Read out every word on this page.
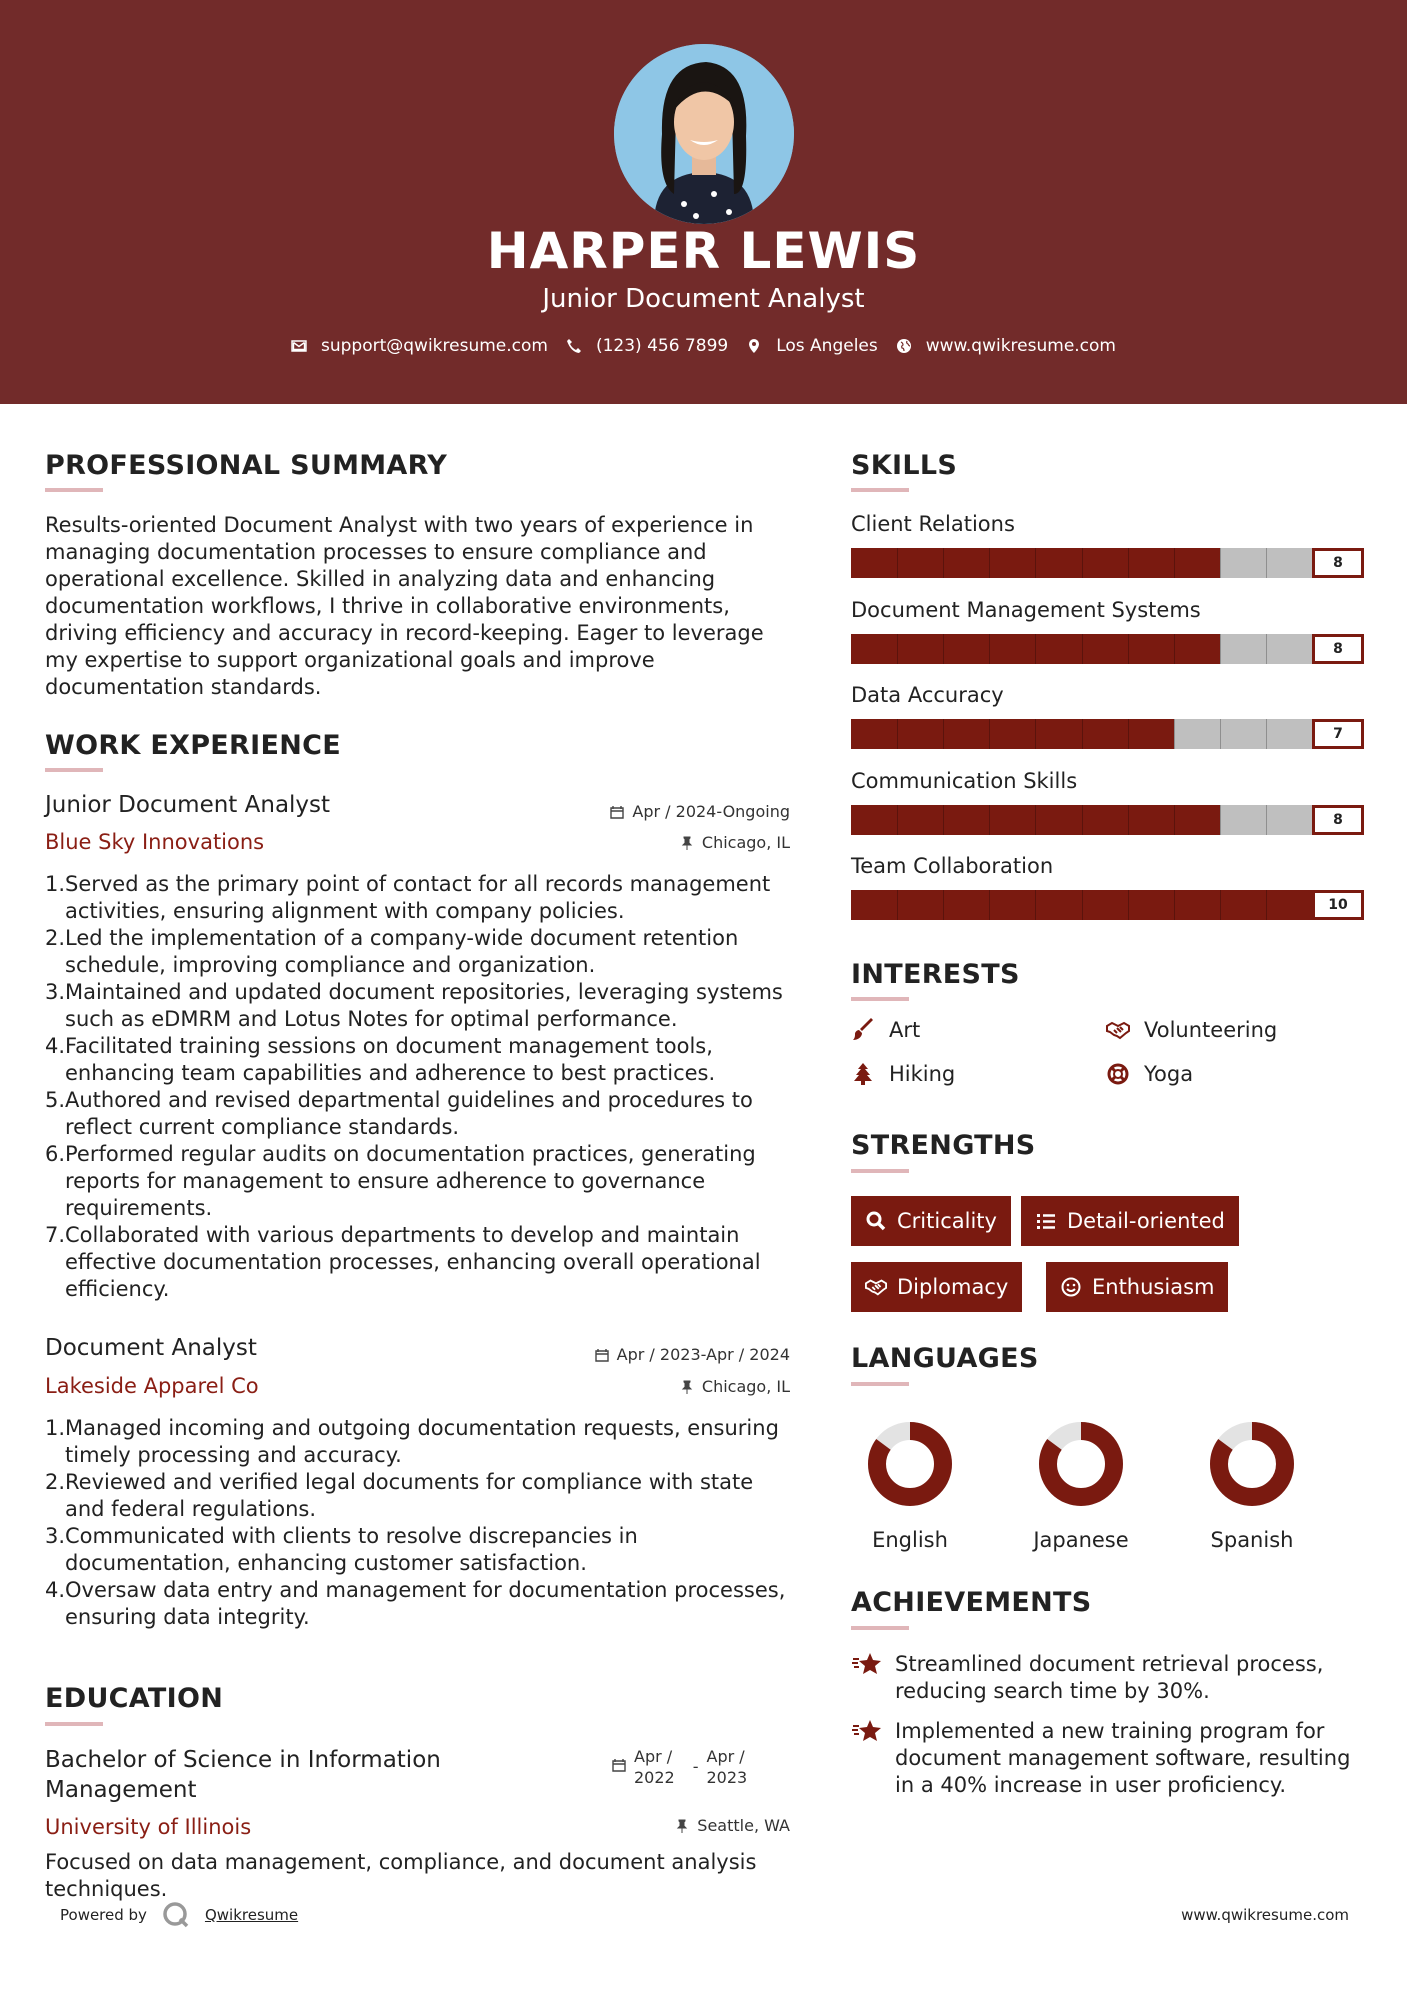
HARPER LEWIS
Junior Document Analyst
support@qwikresume.com	(123) 456 7899	Los Angeles	www.qwikresume.com
PROFESSIONAL SUMMARY
Results-oriented Document Analyst with two years of experience in
managing documentation processes to ensure compliance and
operational excellence. Skilled in analyzing data and enhancing
documentation workflows, I thrive in collaborative environments,
driving efficiency and accuracy in record-keeping. Eager to leverage
my expertise to support organizational goals and improve
documentation standards.
WORK EXPERIENCE
Junior Document Analyst
Blue Sky Innovations
Apr / 2024-Ongoing
Chicago, IL
1. Served as the primary point of contact for all records management
activities, ensuring alignment with company policies.
2. Led the implementation of a company-wide document retention
schedule, improving compliance and organization.
3. Maintained and updated document repositories, leveraging systems
such as eDMRM and Lotus Notes for optimal performance.
4. Facilitated training sessions on document management tools,
enhancing team capabilities and adherence to best practices.
5. Authored and revised departmental guidelines and procedures to
reflect current compliance standards.
6. Performed regular audits on documentation practices, generating
reports for management to ensure adherence to governance
requirements.
7. Collaborated with various departments to develop and maintain
effective documentation processes, enhancing overall operational
efficiency.
Document Analyst
Lakeside Apparel Co
Apr / 2023-Apr / 2024
Chicago, IL
1. Managed incoming and outgoing documentation requests, ensuring
timely processing and accuracy.
2. Reviewed and verified legal documents for compliance with state
and federal regulations.
3. Communicated with clients to resolve discrepancies in
documentation, enhancing customer satisfaction.
4. Oversaw data entry and management for documentation processes,
ensuring data integrity.
EDUCATION
Bachelor of Science in Information
Management
University of Illinois
Apr /
2022
-
Apr /
2023
Seattle, WA
Focused on data management, compliance, and document analysis
techniques.
SKILLS
Client Relations
8
Document Management Systems
8
Data Accuracy
7
Communication Skills
8
Team Collaboration
10
INTERESTS
Art	Volunteering
Hiking	Yoga
STRENGTHS
Criticality	Detail-oriented
Diplomacy	Enthusiasm
LANGUAGES
English	Japanese	Spanish
ACHIEVEMENTS
Streamlined document retrieval process,
reducing search time by 30%.
Implemented a new training program for
document management software, resulting
in a 40% increase in user proficiency.
Powered by	Qwikresume	www.qwikresume.com
